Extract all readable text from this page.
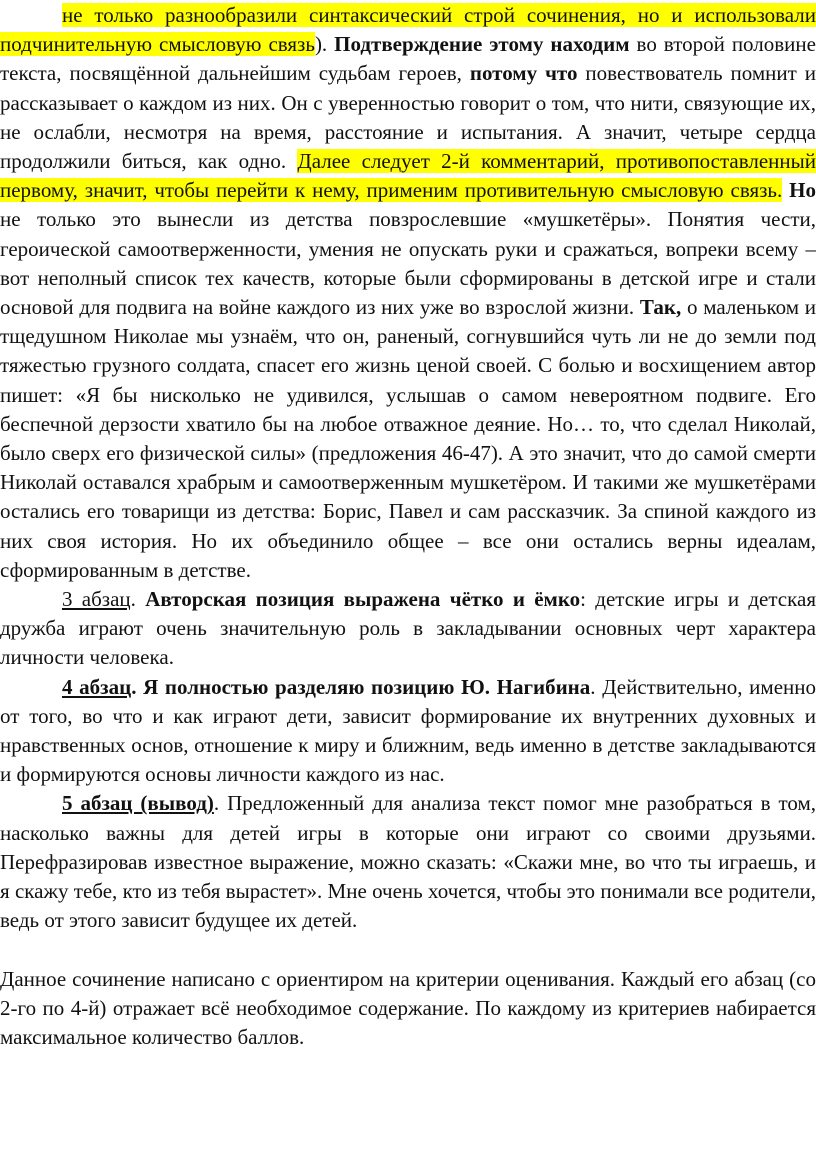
не только разнообразили синтаксический строй сочинения, но и использовали подчинительную смысловую связь). Подтверждение этому находим во второй половине текста, посвящённой дальнейшим судьбам героев, потому что повествователь помнит и рассказывает о каждом из них. Он с уверенностью говорит о том, что нити, связующие их, не ослабли, несмотря на время, расстояние и испытания. А значит, четыре сердца продолжили биться, как одно. Далее следует 2-й комментарий, противопоставленный первому, значит, чтобы перейти к нему, применим противительную смысловую связь. Но не только это вынесли из детства повзрослевшие «мушкетёры». Понятия чести, героической самоотверженности, умения не опускать руки и сражаться, вопреки всему – вот неполный список тех качеств, которые были сформированы в детской игре и стали основой для подвига на войне каждого из них уже во взрослой жизни. Так, о маленьком и тщедушном Николае мы узнаём, что он, раненый, согнувшийся чуть ли не до земли под тяжестью грузного солдата, спасет его жизнь ценой своей. С болью и восхищением автор пишет: «Я бы нисколько не удивился, услышав о самом невероятном подвиге. Его беспечной дерзости хватило бы на любое отважное деяние. Но… то, что сделал Николай, было сверх его физической силы» (предложения 46-47). А это значит, что до самой смерти Николай оставался храбрым и самоотверженным мушкетёром. И такими же мушкетёрами остались его товарищи из детства: Борис, Павел и сам рассказчик. За спиной каждого из них своя история. Но их объединило общее – все они остались верны идеалам, сформированным в детстве.

3 абзац. Авторская позиция выражена чётко и ёмко: детские игры и детская дружба играют очень значительную роль в закладывании основных черт характера личности человека.

4 абзац. Я полностью разделяю позицию Ю. Нагибина. Действительно, именно от того, во что и как играют дети, зависит формирование их внутренних духовных и нравственных основ, отношение к миру и ближним, ведь именно в детстве закладываются и формируются основы личности каждого из нас.

5 абзац (вывод). Предложенный для анализа текст помог мне разобраться в том, насколько важны для детей игры в которые они играют со своими друзьями. Перефразировав известное выражение, можно сказать: «Скажи мне, во что ты играешь, и я скажу тебе, кто из тебя вырастет». Мне очень хочется, чтобы это понимали все родители, ведь от этого зависит будущее их детей.

Данное сочинение написано с ориентиром на критерии оценивания. Каждый его абзац (со 2-го по 4-й) отражает всё необходимое содержание. По каждому из критериев набирается максимальное количество баллов.
